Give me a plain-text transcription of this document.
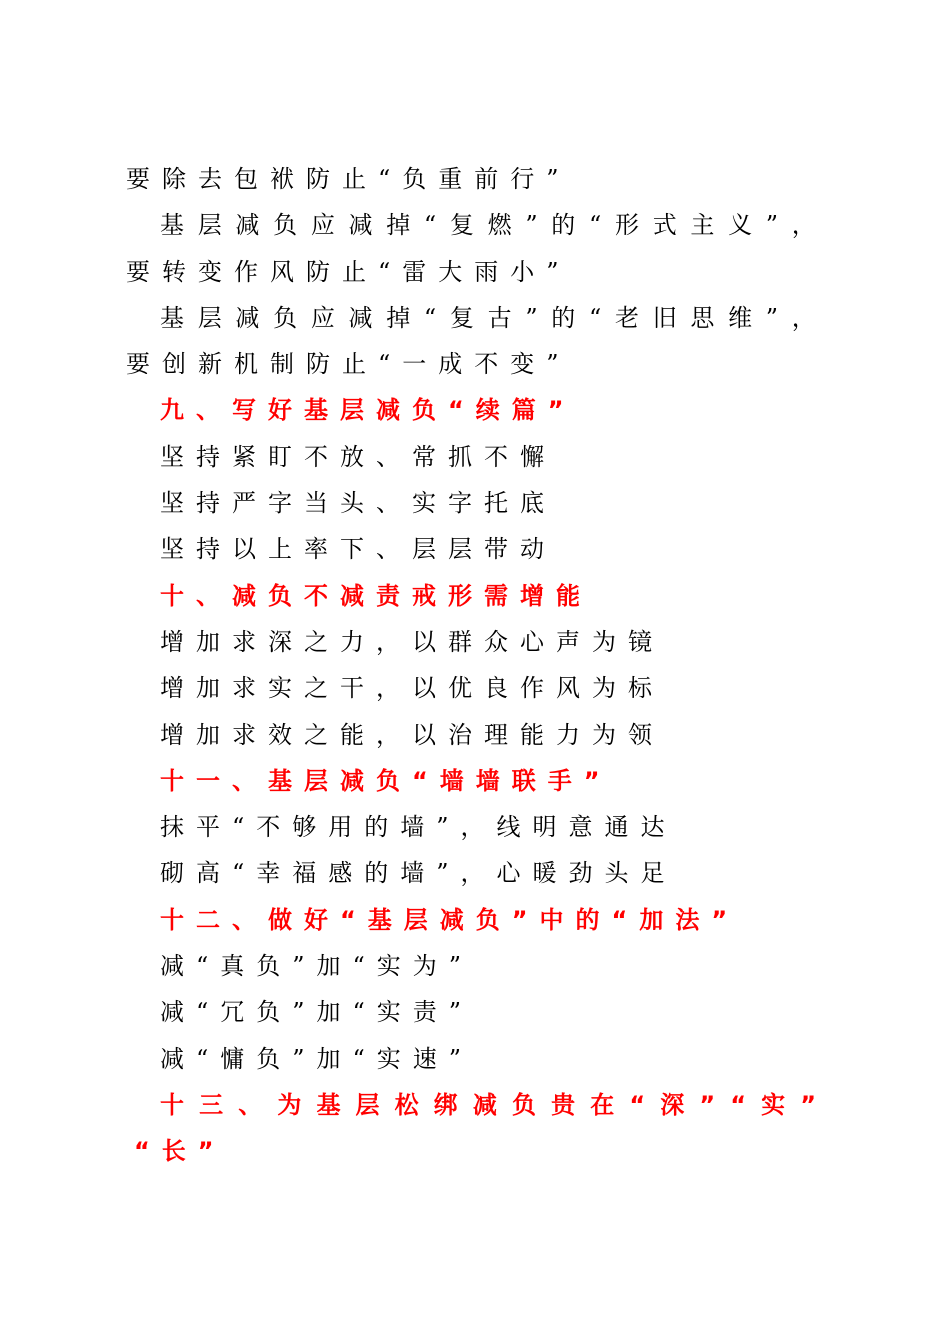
要除去包袱防止“负重前行”
基 层 减 负 应 减 掉 “ 复 燃 ” 的 “ 形 式 主 义 ” ，
要转变作风防止“雷大雨小”
基 层 减 负 应 减 掉 “ 复 古 ” 的 “ 老 旧 思 维 ” ，
要创新机制防止“一成不变”
九、写好基层减负“续篇”
坚持紧盯不放、常抓不懈
坚持严字当头、实字托底
坚持以上率下、层层带动
十、减负不减责戒形需增能
增加求深之力，以群众心声为镜
增加求实之干，以优良作风为标
增加求效之能，以治理能力为领
十一、基层减负“墙墙联手”
抹平“不够用的墙”，线明意通达
砌高“幸福感的墙”，心暖劲头足
十二、做好“基层减负”中的“加法”
减“真负”加“实为”
减“冗负”加“实责”
减“慵负”加“实速”
十 三 、 为 基 层 松 绑 减 负 贵 在 “ 深 ” “ 实 ”
“长”
